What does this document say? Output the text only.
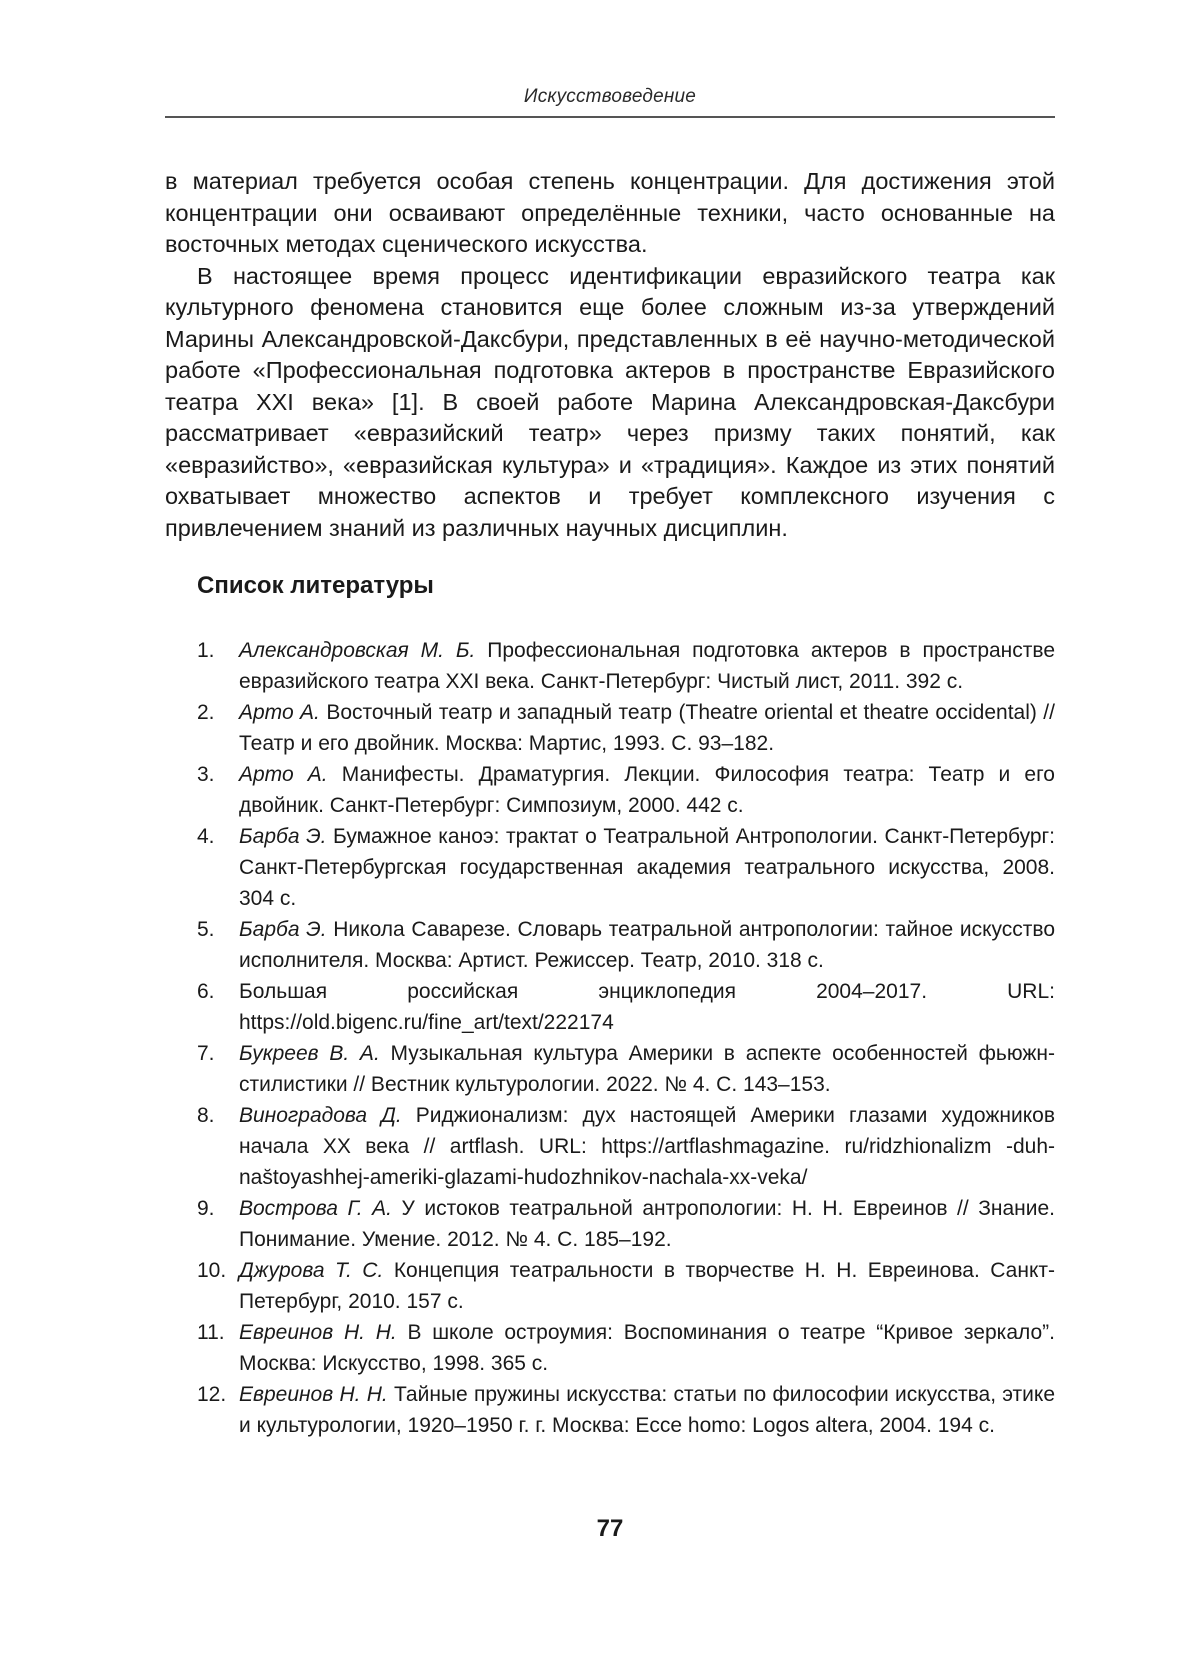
Искусствоведение

в материал требуется особая степень концентрации. Для достижения этой концентрации они осваивают определённые техники, часто основанные на восточных методах сценического искусства.

В настоящее время процесс идентификации евразийского театра как культурного феномена становится еще более сложным из-за утверждений Марины Александровской-Даксбури, представленных в её научно-методической работе «Профессиональная подготовка актеров в пространстве Евразийского театра XXI века» [1]. В своей работе Марина Александровская-Даксбури рассматривает «евразийский театр» через призму таких понятий, как «евразийство», «евразийская культура» и «традиция». Каждое из этих понятий охватывает множество аспектов и требует комплексного изучения с привлечением знаний из различных научных дисциплин.

Список литературы
1. Александровская М. Б. Профессиональная подготовка актеров в пространстве евразийского театра XXI века. Санкт-Петербург: Чистый лист, 2011. 392 с.
2. Арто А. Восточный театр и западный театр (Theatre oriental et theatre occidental) // Театр и его двойник. Москва: Мартис, 1993. С. 93–182.
3. Арто А. Манифесты. Драматургия. Лекции. Философия театра: Театр и его двойник. Санкт-Петербург: Симпозиум, 2000. 442 с.
4. Барба Э. Бумажное каноэ: трактат о Театральной Антропологии. Санкт-Петербург: Санкт-Петербургская государственная академия театрального искусства, 2008. 304 с.
5. Барба Э. Никола Саварезе. Словарь театральной антропологии: тайное искусство исполнителя. Москва: Артист. Режиссер. Театр, 2010. 318 с.
6. Большая российская энциклопедия 2004–2017. URL: https://old.bigenc.ru/fine_art/text/222174
7. Букреев В. А. Музыкальная культура Америки в аспекте особенностей фьюжн-стилистики // Вестник культурологии. 2022. № 4. С. 143–153.
8. Виноградова Д. Риджионализм: дух настоящей Америки глазами художников начала ХХ века // artflash. URL: https://artflashmagazine. ru/ridzhionalizm -duh-nas̆toyashhej-ameriki-glazami-hudozhnikov-nachala-xx-veka/
9. Вострова Г. А. У истоков театральной антропологии: Н. Н. Евреинов // Знание. Понимание. Умение. 2012. № 4. С. 185–192.
10. Джурова Т. С. Концепция театральности в творчестве Н. Н. Евреинова. Санкт-Петербург, 2010. 157 с.
11. Евреинов Н. Н. В школе остроумия: Воспоминания о театре “Кривое зеркало”. Москва: Искусство, 1998. 365 с.
12. Евреинов Н. Н. Тайные пружины искусства: статьи по философии искусства, этике и культурологии, 1920–1950 г. г. Москва: Ecce homo: Logos altera, 2004. 194 с.
77
